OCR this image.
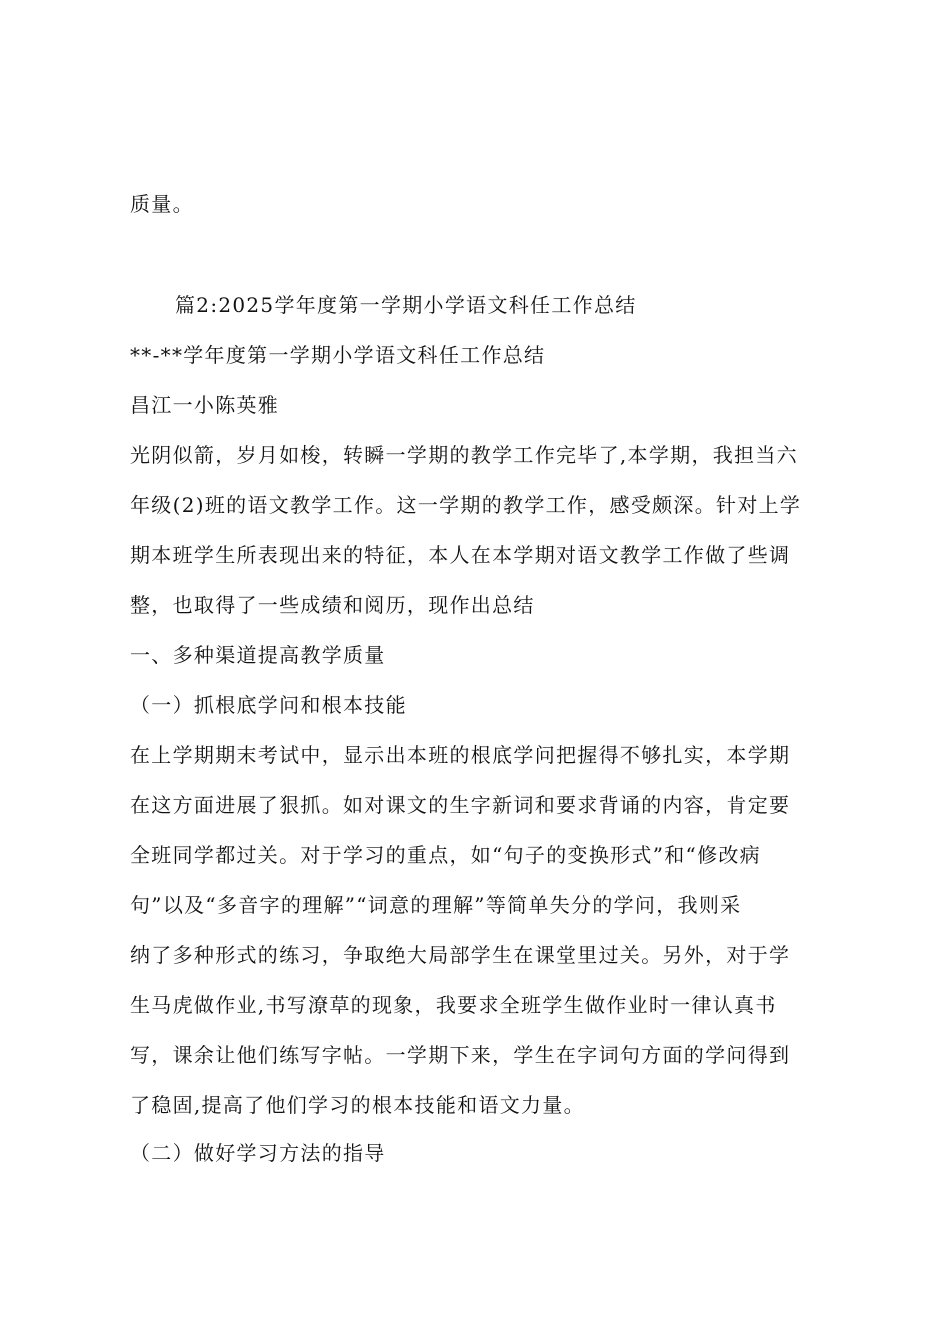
质量。
篇2:2025学年度第一学期小学语文科任工作总结
**-**学年度第一学期小学语文科任工作总结
昌江一小陈英雅
光阴似箭，岁月如梭，转瞬一学期的教学工作完毕了,本学期，我担当六
年级(2)班的语文教学工作。这一学期的教学工作，感受颇深。针对上学
期本班学生所表现出来的特征，本人在本学期对语文教学工作做了些调
整，也取得了一些成绩和阅历，现作出总结
一、多种渠道提高教学质量
（一）抓根底学问和根本技能
在上学期期末考试中，显示出本班的根底学问把握得不够扎实，本学期
在这方面进展了狠抓。如对课文的生字新词和要求背诵的内容，肯定要
全班同学都过关。对于学习的重点，如“句子的变换形式”和“修改病
句”以及“多音字的理解”“词意的理解”等简单失分的学问，我则采
纳了多种形式的练习，争取绝大局部学生在课堂里过关。另外，对于学
生马虎做作业,书写潦草的现象，我要求全班学生做作业时一律认真书
写，课余让他们练写字帖。一学期下来，学生在字词句方面的学问得到
了稳固,提高了他们学习的根本技能和语文力量。
（二）做好学习方法的指导
